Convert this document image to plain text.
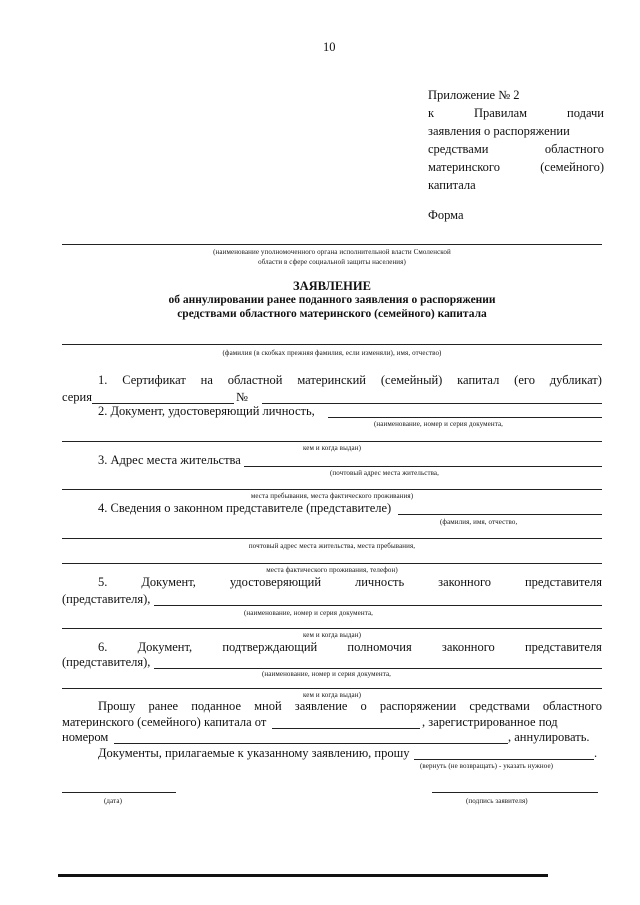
10
Приложение № 2
к	Правилам	подачи
заявления о распоряжении
средствами	областного
материнского	(семейного)
капитала
Форма
(наименование уполномоченного органа исполнительной власти Смоленской
области в сфере социальной защиты населения)
ЗАЯВЛЕНИЕ
об аннулировании ранее поданного заявления о распоряжении
средствами областного материнского (семейного) капитала
(фамилия (в скобках прежняя фамилия, если изменяли), имя, отчество)
1. Сертификат на областной материнский (семейный) капитал (его дубликат)
серия	№
2. Документ, удостоверяющий личность,
(наименование, номер и серия документа,
кем и когда выдан)
3. Адрес места жительства
(почтовый адрес места жительства,
места пребывания, места фактического проживания)
4. Сведения о законном представителе (представителе)
(фамилия, имя, отчество,
почтовый адрес места жительства, места пребывания,
места фактического проживания, телефон)
5.	Документ,	удостоверяющий	личность	законного	представителя
(представителя),
(наименование, номер и серия документа,
кем и когда выдан)
6. Документ, подтверждающий полномочия законного представителя
(представителя),
(наименование, номер и серия документа,
кем и когда выдан)
Прошу ранее поданное мной заявление о распоряжении средствами областного
материнского (семейного) капитала от	, зарегистрированное под
номером	, аннулировать.
Документы, прилагаемые к указанному заявлению, прошу	.
(вернуть (не возвращать) - указать нужное)
(дата)	(подпись заявителя)
